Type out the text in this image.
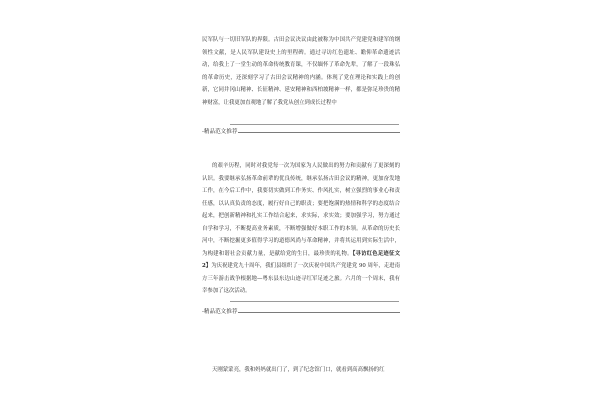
民军队与一切旧军队的界限。古田会议决议由此被称为中国共产党建党和建军的纲领性文献，是人民军队建设史上的里程碑。通过寻访红色遗址、瞻仰革命遗迹活动，给我上了一堂生动的革命传统教育课，不仅缅怀了革命先辈，了解了一段珠弘的革命历史，还深刻学习了古田会议精神的内涵。体现了党在理论和实践上的创新，它同井冈山精神、长征精神、延安精神和西柏坡精神一样，都是弥足珍贵的精神财富，让我更加直观地了解了我党从创立到成长过程中

-精品范文推荐

的艰辛历程，同时对我党每一次为国家为人民做出的努力和贡献有了更深刻的认识。我要继承弘扬革命前辈的优良传统，继承弘扬古田会议的精神，更加奋发地工作，在今后工作中，我要切实做到工作务实、作风扎实，树立强烈的事业心和责任感，以认真负责的态度，履行好自己的职责；要把饱满的热情和科学的态度结合起来，把创新精神和扎实工作结合起来，求实际，求实效；要加强学习，努力通过自学和学习，不断提高业务素质，不断增强做好本职工作的本领。从革命的历史长河中，不断挖掘更多值得学习的道德风尚与革命精神，并将其运用到实际生活中，为构建和谐社会贡献力量，是献给党的生日，最珍贵的礼物。【寻访红色足迹征文 2】为庆祝建党九十周年，我们县组织了一次庆祝中国共产党建党 90 周年，走进南方三年游击战争根据地—粤东县东边山迹寻红军足迹之旅。六月的一个周末，我有幸参加了这次活动。

-精品范文推荐

天刚蒙蒙亮，我和妈妈就出门了，到了纪念馆门口，就看到高高飘扬的红
